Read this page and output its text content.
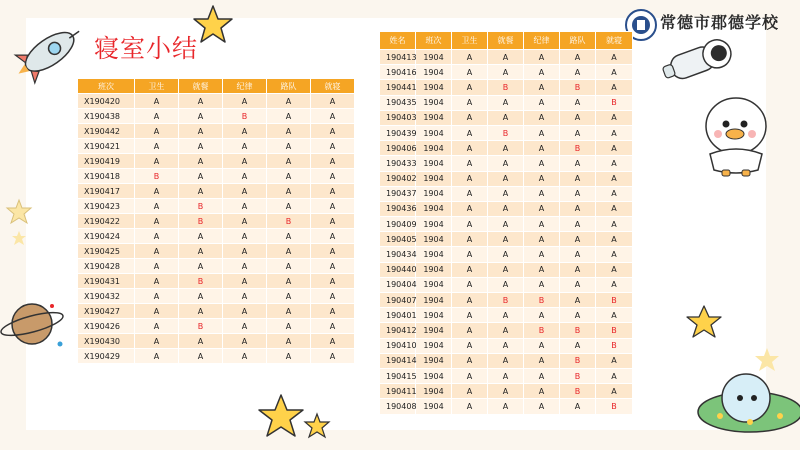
寝室小结
常德市郡德学校
班次	卫生	就餐	纪律	路队	就寝
X190420	A	A	A	A	A
X190438	A	A	B	A	A
X190442	A	A	A	A	A
X190421	A	A	A	A	A
X190419	A	A	A	A	A
X190418	B	A	A	A	A
X190417	A	A	A	A	A
X190423	A	B	A	A	A
X190422	A	B	A	B	A
X190424	A	A	A	A	A
X190425	A	A	A	A	A
X190428	A	A	A	A	A
X190431	A	B	A	A	A
X190432	A	A	A	A	A
X190427	A	A	A	A	A
X190426	A	B	A	A	A
X190430	A	A	A	A	A
X190429	A	A	A	A	A
姓名	班次	卫生	就餐	纪律	路队	就寝
190413	1904	A	A	A	A	A
190416	1904	A	A	A	A	A
190441	1904	A	B	A	B	A
190435	1904	A	A	A	A	B
190403	1904	A	A	A	A	A
190439	1904	A	B	A	A	A
190406	1904	A	A	A	B	A
190433	1904	A	A	A	A	A
190402	1904	A	A	A	A	A
190437	1904	A	A	A	A	A
190436	1904	A	A	A	A	A
190409	1904	A	A	A	A	A
190405	1904	A	A	A	A	A
190434	1904	A	A	A	A	A
190440	1904	A	A	A	A	A
190404	1904	A	A	A	A	A
190407	1904	A	B	B	A	B
190401	1904	A	A	A	A	A
190412	1904	A	A	B	B	B
190410	1904	A	A	A	A	B
190414	1904	A	A	A	B	A
190415	1904	A	A	A	B	A
190411	1904	A	A	A	B	A
190408	1904	A	A	A	A	B
